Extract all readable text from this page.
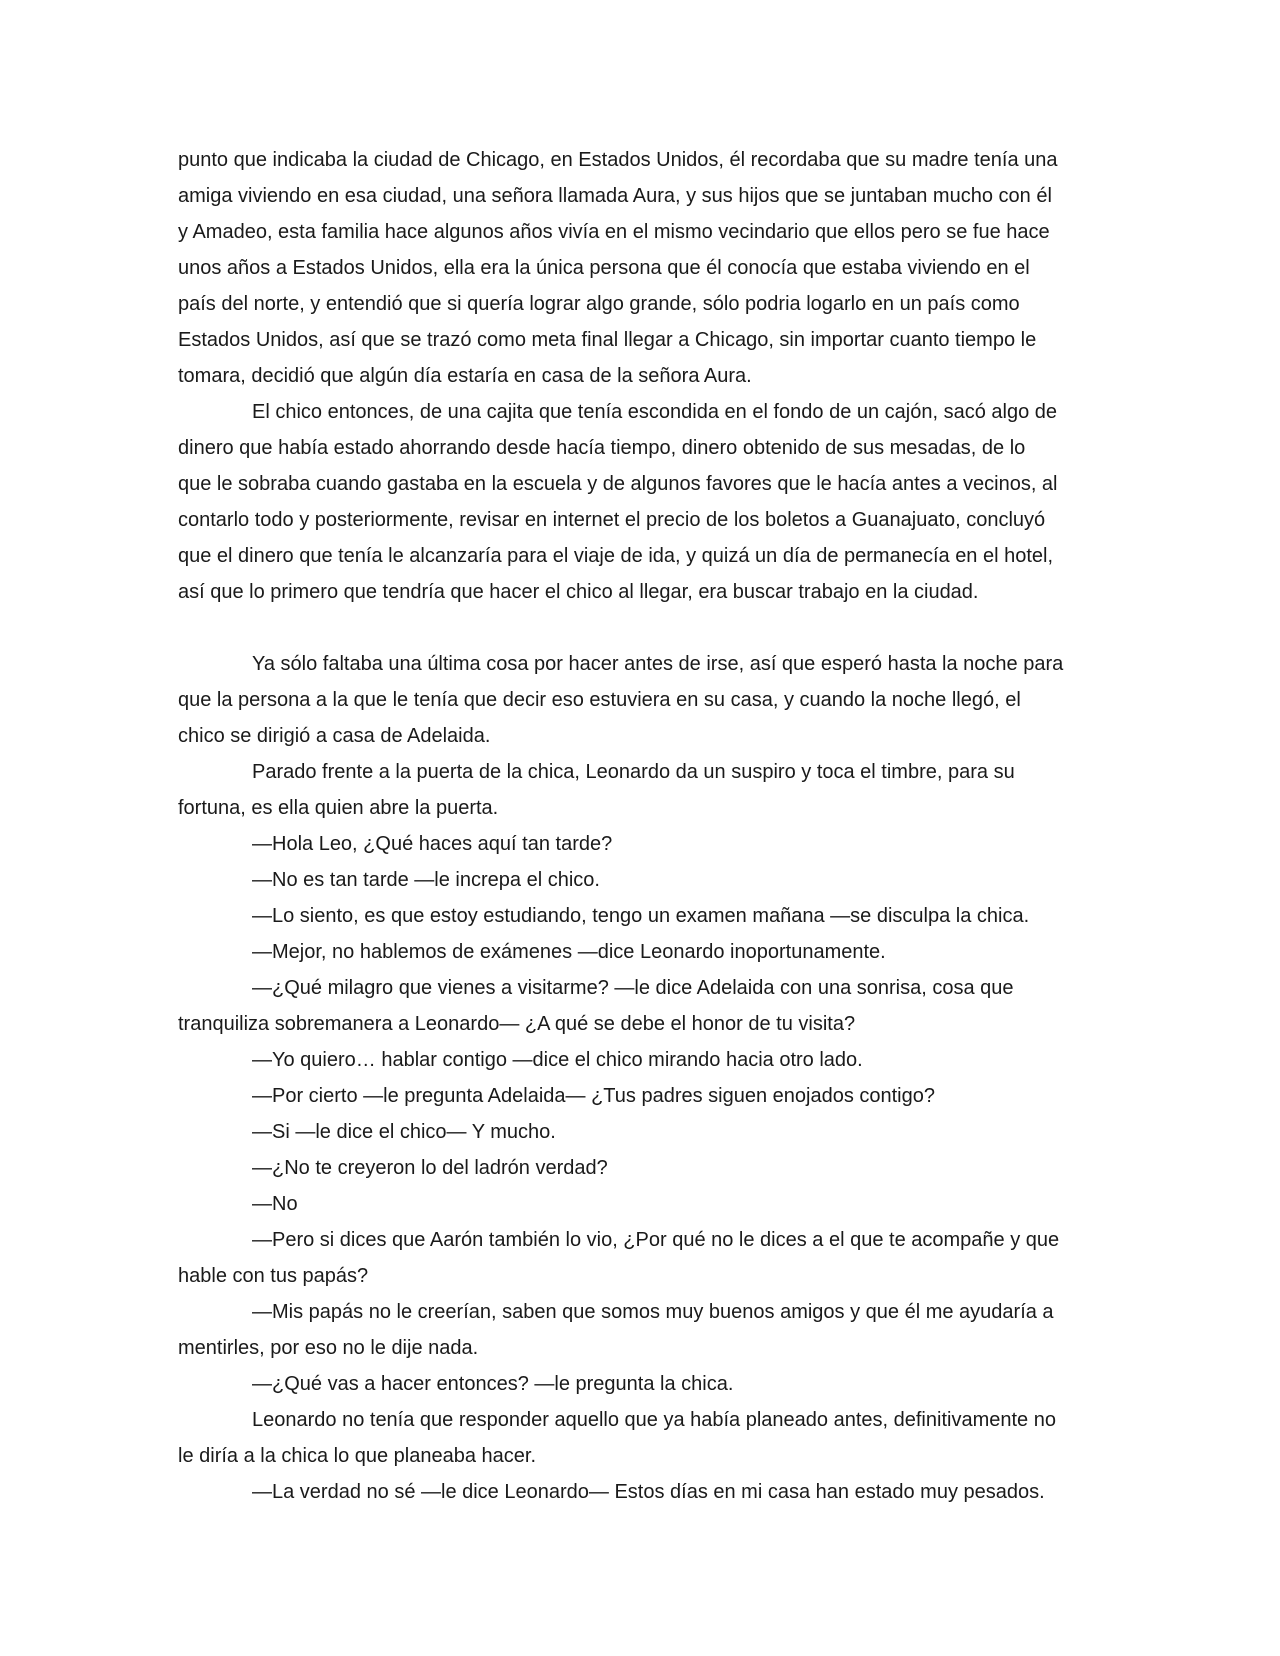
punto que indicaba la ciudad de Chicago, en Estados Unidos, él recordaba que su madre tenía una
amiga viviendo en esa ciudad, una señora llamada Aura, y sus hijos que se juntaban mucho con él
y Amadeo, esta familia hace algunos años vivía en el mismo vecindario que ellos pero se fue hace
unos años a Estados Unidos, ella era la única persona que él conocía que estaba viviendo en el
país del norte, y entendió que si quería lograr algo grande, sólo podria logarlo en un país como
Estados Unidos, así que se trazó como meta final llegar a Chicago, sin importar cuanto tiempo le
tomara, decidió que algún día estaría en casa de la señora Aura.
El chico entonces, de una cajita que tenía escondida en el fondo de un cajón, sacó algo de
dinero que había estado ahorrando desde hacía tiempo, dinero obtenido de sus mesadas, de lo
que le sobraba cuando gastaba en la escuela y de algunos favores que le hacía antes a vecinos, al
contarlo todo y posteriormente, revisar en internet el precio de los boletos a Guanajuato, concluyó
que el dinero que tenía le alcanzaría para el viaje de ida, y quizá un día de permanecía en el hotel,
así que lo primero que tendría que hacer el chico al llegar, era buscar trabajo en la ciudad.
Ya sólo faltaba una última cosa por hacer antes de irse, así que esperó hasta la noche para
que la persona a la que le tenía que decir eso estuviera en su casa, y cuando la noche llegó, el
chico se dirigió a casa de Adelaida.
Parado frente a la puerta de la chica, Leonardo da un suspiro y toca el timbre, para su
fortuna, es ella quien abre la puerta.
—Hola Leo, ¿Qué haces aquí tan tarde?
—No es tan tarde —le increpa el chico.
—Lo siento, es que estoy estudiando, tengo un examen mañana —se disculpa la chica.
—Mejor, no hablemos de exámenes —dice Leonardo inoportunamente.
—¿Qué milagro que vienes a visitarme? —le dice Adelaida con una sonrisa, cosa que
tranquiliza sobremanera a Leonardo— ¿A qué se debe el honor de tu visita?
—Yo quiero… hablar contigo —dice el chico mirando hacia otro lado.
—Por cierto —le pregunta Adelaida— ¿Tus padres siguen enojados contigo?
—Si —le dice el chico— Y mucho.
—¿No te creyeron lo del ladrón verdad?
—No
—Pero si dices que Aarón también lo vio, ¿Por qué no le dices a el que te acompañe y que
hable con tus papás?
—Mis papás no le creerían, saben que somos muy buenos amigos y que él me ayudaría a
mentirles, por eso no le dije nada.
—¿Qué vas a hacer entonces? —le pregunta la chica.
Leonardo no tenía que responder aquello que ya había planeado antes, definitivamente no
le diría a la chica lo que planeaba hacer.
—La verdad no sé —le dice Leonardo— Estos días en mi casa han estado muy pesados.
